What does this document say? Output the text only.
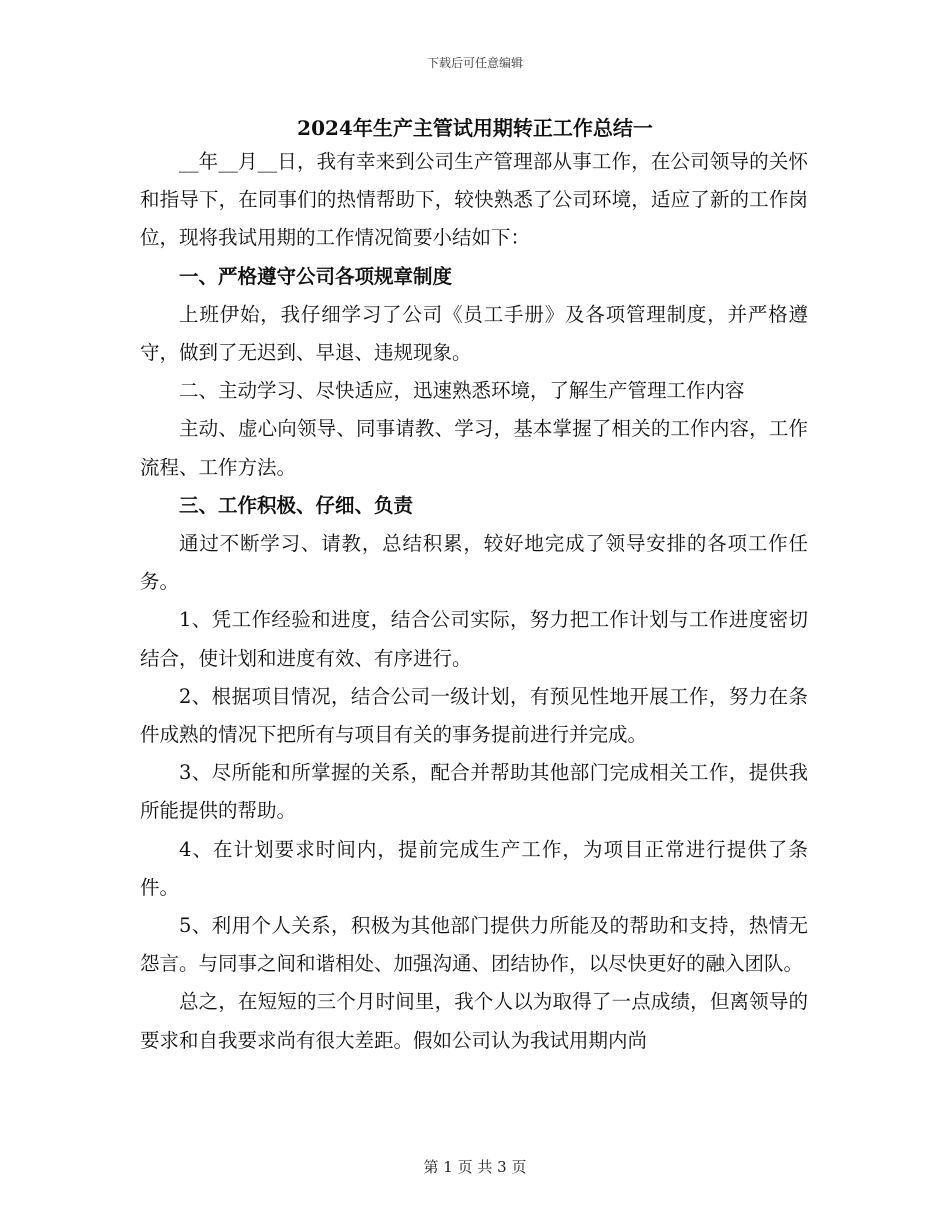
下载后可任意编辑
2024年生产主管试用期转正工作总结一

__年__月__日，我有幸来到公司生产管理部从事工作，在公司领导的关怀和指导下，在同事们的热情帮助下，较快熟悉了公司环境，适应了新的工作岗位，现将我试用期的工作情况简要小结如下：

一、严格遵守公司各项规章制度

上班伊始，我仔细学习了公司《员工手册》及各项管理制度，并严格遵守，做到了无迟到、早退、违规现象。

二、主动学习、尽快适应，迅速熟悉环境，了解生产管理工作内容

主动、虚心向领导、同事请教、学习，基本掌握了相关的工作内容，工作流程、工作方法。

三、工作积极、仔细、负责

通过不断学习、请教，总结积累，较好地完成了领导安排的各项工作任务。

1、凭工作经验和进度，结合公司实际，努力把工作计划与工作进度密切结合，使计划和进度有效、有序进行。

2、根据项目情况，结合公司一级计划，有预见性地开展工作，努力在条件成熟的情况下把所有与项目有关的事务提前进行并完成。

3、尽所能和所掌握的关系，配合并帮助其他部门完成相关工作，提供我所能提供的帮助。

4、在计划要求时间内，提前完成生产工作，为项目正常进行提供了条件。

5、利用个人关系，积极为其他部门提供力所能及的帮助和支持，热情无怨言。与同事之间和谐相处、加强沟通、团结协作，以尽快更好的融入团队。

总之，在短短的三个月时间里，我个人以为取得了一点成绩，但离领导的要求和自我要求尚有很大差距。假如公司认为我试用期内尚

第 1 页 共 3 页
